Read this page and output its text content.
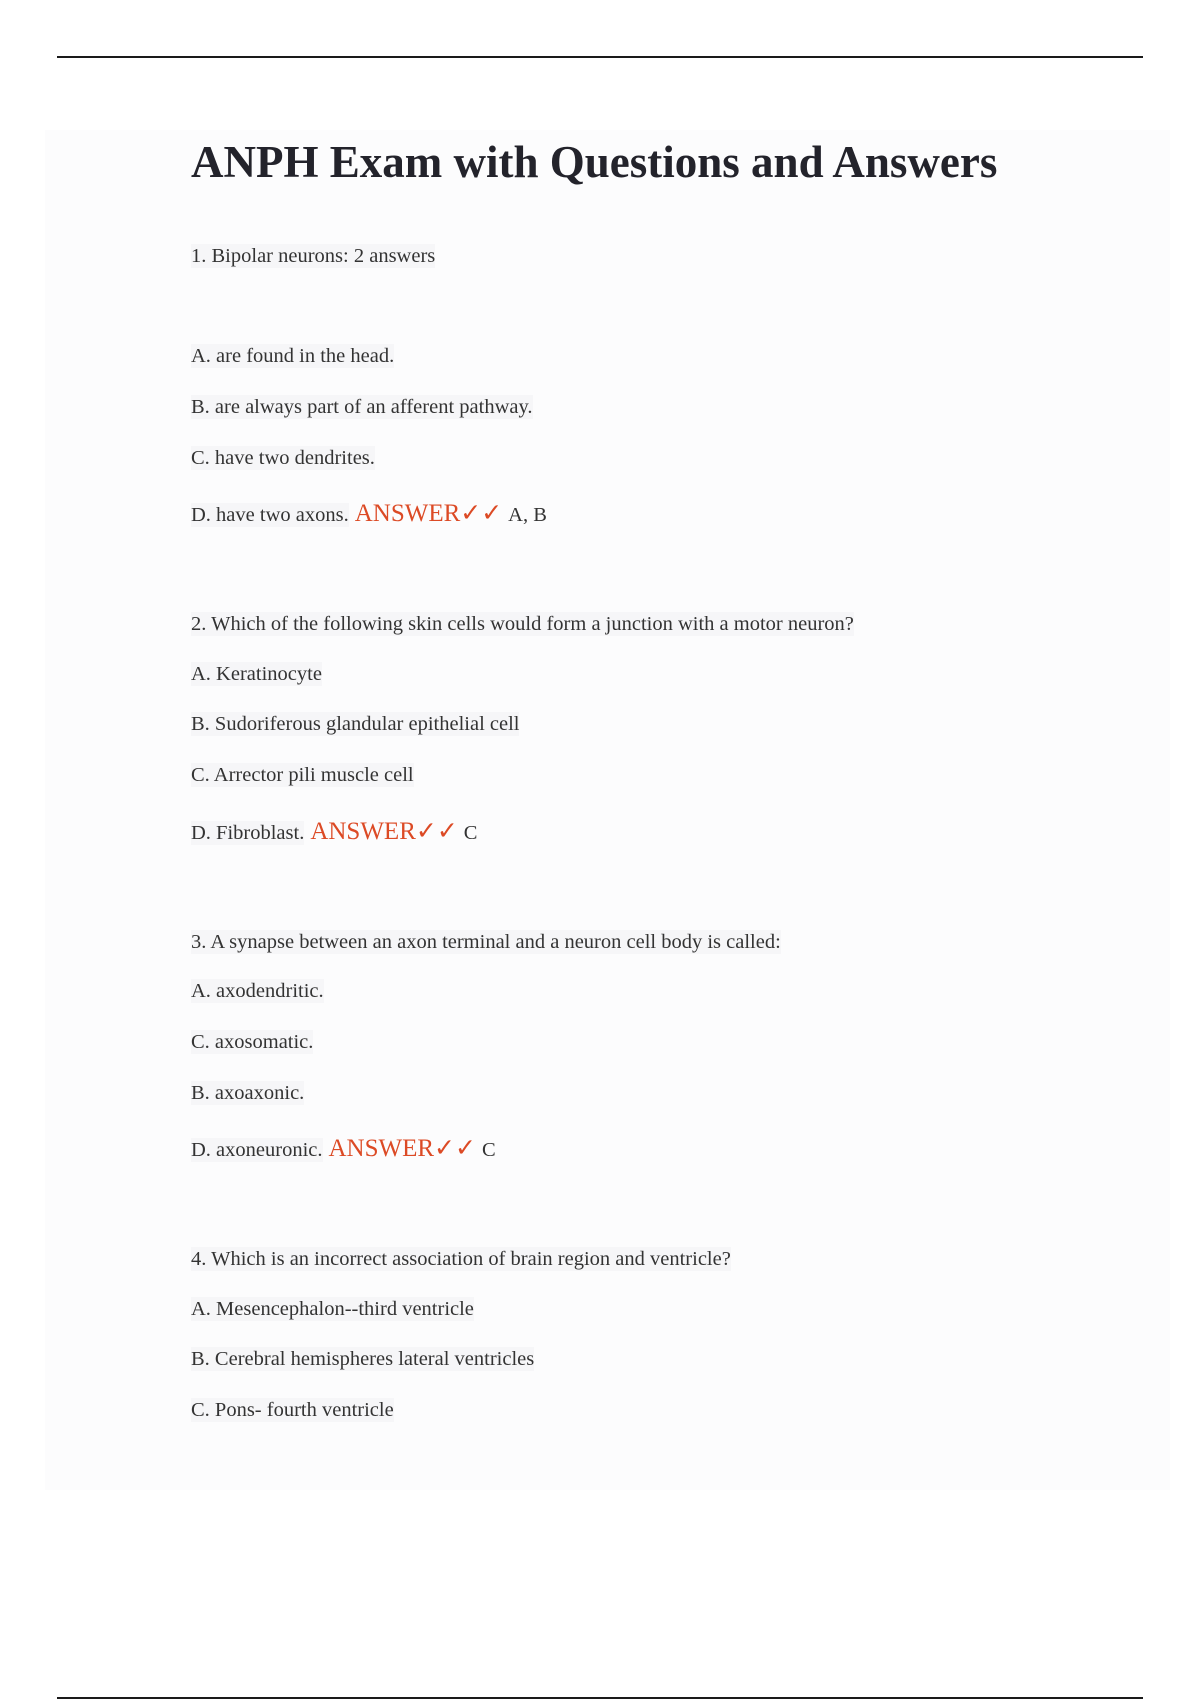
ANPH Exam with Questions and Answers
1. Bipolar neurons: 2 answers
A. are found in the head.
B. are always part of an afferent pathway.
C. have two dendrites.
D. have two axons. ANSWER✓✓ A, B
2. Which of the following skin cells would form a junction with a motor neuron?
A. Keratinocyte
B. Sudoriferous glandular epithelial cell
C. Arrector pili muscle cell
D. Fibroblast. ANSWER✓✓ C
3. A synapse between an axon terminal and a neuron cell body is called:
A. axodendritic.
C. axosomatic.
B. axoaxonic.
D. axoneuronic. ANSWER✓✓ C
4. Which is an incorrect association of brain region and ventricle?
A. Mesencephalon--third ventricle
B. Cerebral hemispheres lateral ventricles
C. Pons- fourth ventricle
